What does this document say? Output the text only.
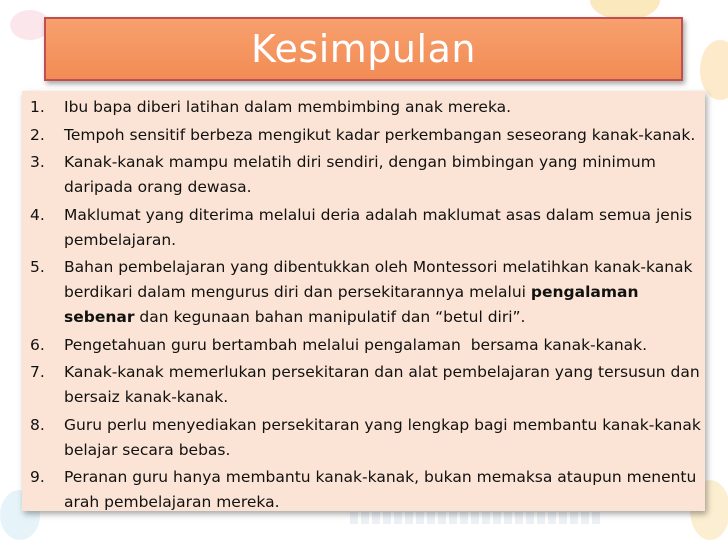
Kesimpulan
1. Ibu bapa diberi latihan dalam membimbing anak mereka.
2. Tempoh sensitif berbeza mengikut kadar perkembangan seseorang kanak-kanak.
3. Kanak-kanak mampu melatih diri sendiri, dengan bimbingan yang minimum daripada orang dewasa.
4. Maklumat yang diterima melalui deria adalah maklumat asas dalam semua jenis pembelajaran.
5. Bahan pembelajaran yang dibentukkan oleh Montessori melatihkan kanak-kanak berdikari dalam mengurus diri dan persekitarannya melalui pengalaman sebenar dan kegunaan bahan manipulatif dan “betul diri”.
6. Pengetahuan guru bertambah melalui pengalaman  bersama kanak-kanak.
7. Kanak-kanak memerlukan persekitaran dan alat pembelajaran yang tersusun dan bersaiz kanak-kanak.
8. Guru perlu menyediakan persekitaran yang lengkap bagi membantu kanak-kanak belajar secara bebas.
9. Peranan guru hanya membantu kanak-kanak, bukan memaksa ataupun menentu arah pembelajaran mereka.
